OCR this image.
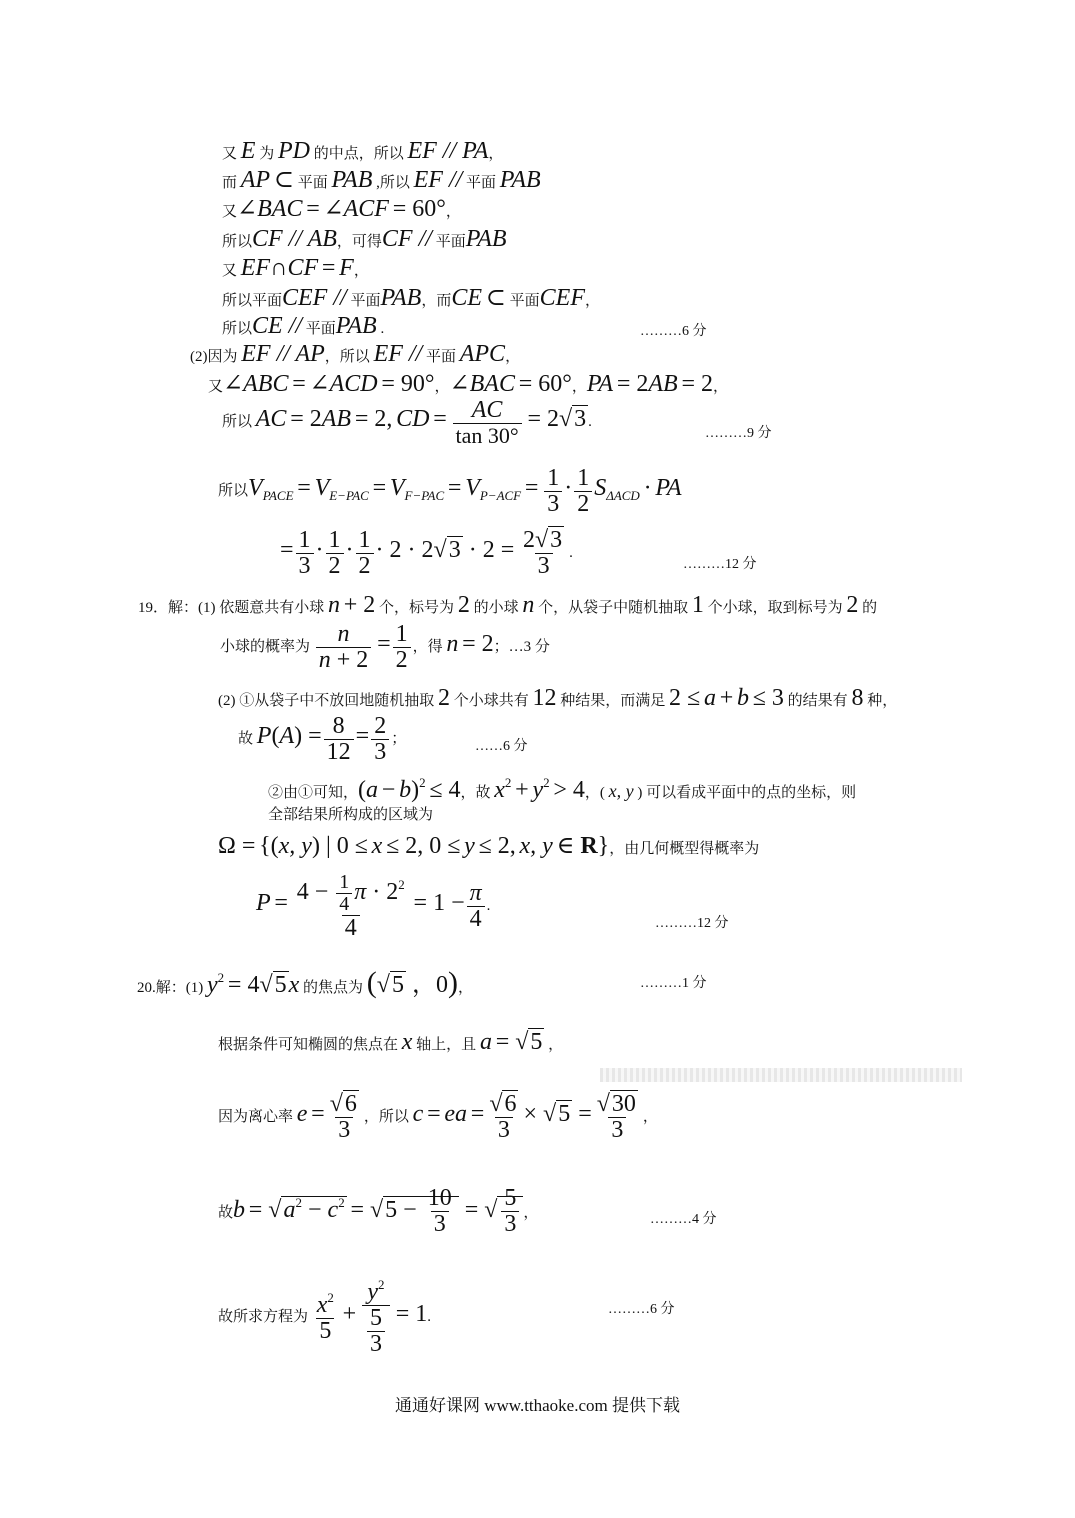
又 E 为 PD 的中点，所以 EF // PA，
而 AP ⊂ 平面 PAB ,所以 EF // 平面 PAB
又∠BAC = ∠ACF = 60°，
所以CF // AB，可得CF // 平面PAB
又 EF∩CF = F，
所以平面CEF // 平面PAB，而CE ⊂ 平面CEF，
所以CE // 平面PAB .	………6 分
(2)因为 EF // AP，所以 EF // 平面 APC，
又∠ABC = ∠ACD = 90°，∠BAC = 60°，PA = 2AB = 2，
所以 AC = 2AB = 2, CD = $\frac{AC}{\tan 30^\circ} = 2√3$ .
………9 分
所以VPACE = $VE-PAC = VF-PAC = VP-ACF = \frac{1}{3} \cdot \frac{1}{2}$ SΔACD · PA
= $\frac{1}{3} \cdot \frac{1}{2} \cdot \frac{1}{2} \cdot 2 \cdot 2√3 \cdot 2 = \frac{2√3}{3}$ .
………12 分
19．解：(1) 依题意共有小球 n + 2 个，标号为 2 的小球 n 个，从袋子中随机抽取 1 个小球，取到标号为 2 的
小球的概率为 $\frac{n}{n + 2} = \frac{1}{2}$ ，得 n = 2；…3 分
(2) ①从袋子中不放回地随机抽取 2 个小球共有 12 种结果，而满足 2 ≤ a + b ≤ 3 的结果有 8 种，
故 $P(A) = \frac{8}{12} = \frac{2}{3}$ ；	……6 分
②由①可知，(a − b)2 ≤ 4，故 x2 + y2 > 4，( x, y ) 可以看成平面中的点的坐标，则
全部结果所构成的区域为
Ω = {(x, y) | 0 ≤ x ≤ 2, 0 ≤ y ≤ 2, x, y ∈ R}，由几何概型得概率为
$P = \frac{4 - \frac{1}{4} \pi \cdot 2^2}{4} = 1 - \frac{\pi}{4}$ .
………12 分
20.解：(1) y2 = 4√5x 的焦点为 (√5 ，0)，	………1 分
根据条件可知椭圆的焦点在 x 轴上，且 a = √5 ，
因为离心率 $e = \frac{√6}{3}$ ，所以 c = ea = $\frac{√6}{3} \times √5 = \frac{√30}{3}$ ，
故$b = √a^2 - c^2 = √5 - \frac{10}{3}$ = √ $\frac{5}{3}$ ，	………4 分
故所求方程为 $\frac{x^2}{5} + \frac{y^2}{\frac{5}{3}} = 1$.	………6 分
通通好课网 www.tthaoke.com 提供下载
